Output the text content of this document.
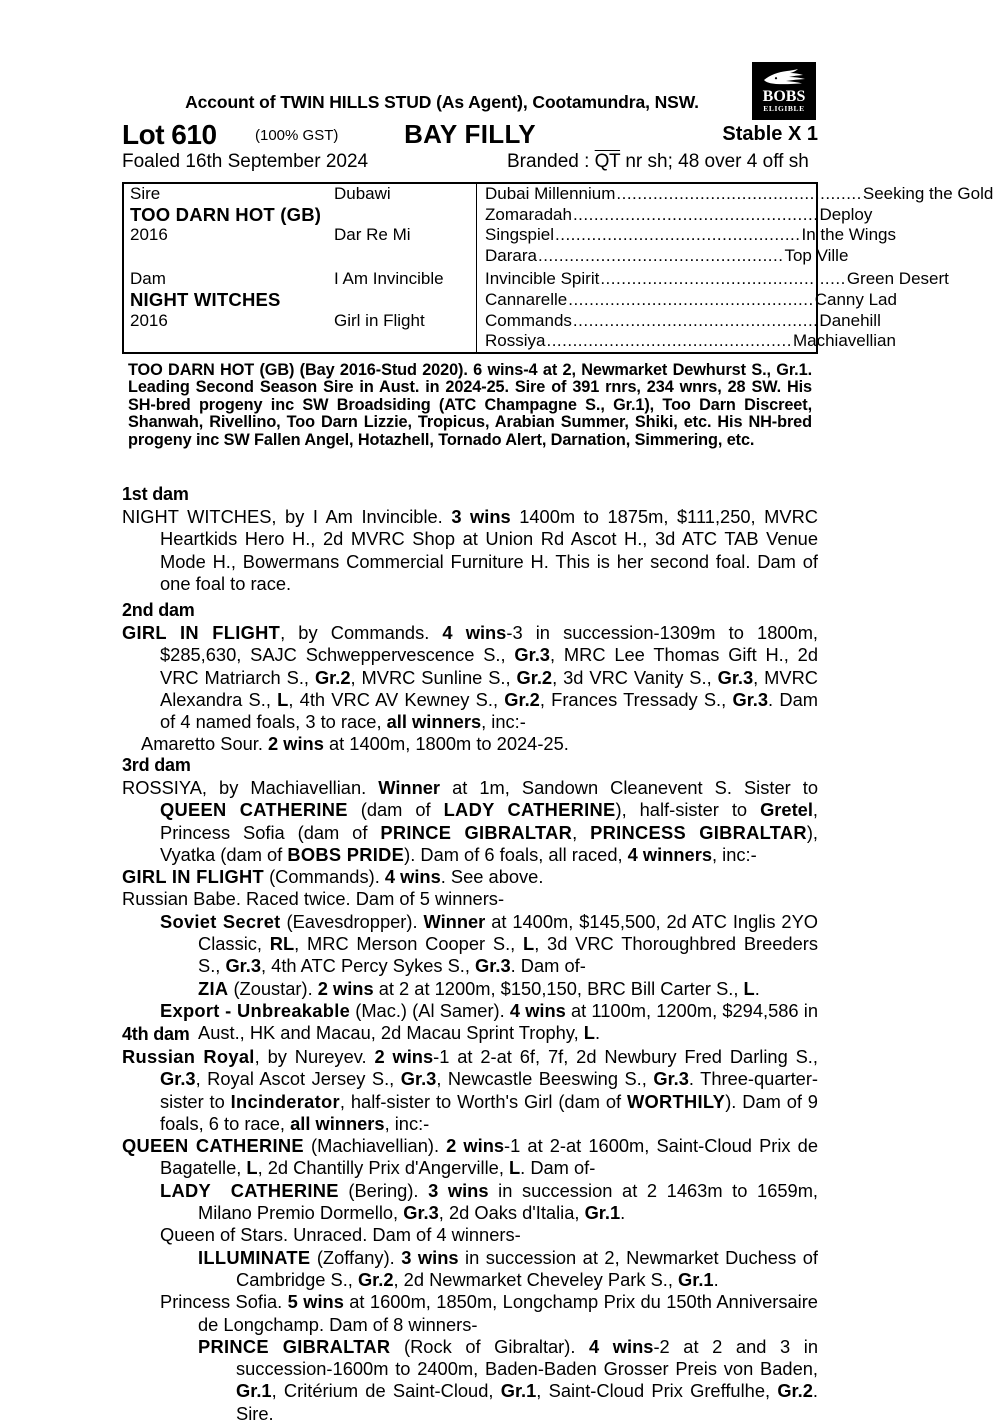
BOBS
ELIGIBLE
Account of TWIN HILLS STUD (As Agent), Cootamundra, NSW.
Lot 610	(100% GST)	BAY FILLY	Stable X 1
Foaled 16th September 2024	Branded : $\overline{QT}$ nr sh; 48 over 4 off sh
Sire	Dubawi	Dubai Millennium ............................................... Seeking the Gold

TOO DARN HOT (GB)		Zomaradah ............................................... Deploy

2016	Dar Re Mi	Singspiel ............................................... In the Wings

		Darara ............................................... Top Ville

Dam	I Am Invincible	Invincible Spirit ............................................... Green Desert

NIGHT WITCHES		Cannarelle ............................................... Canny Lad

2016	Girl in Flight	Commands ............................................... Danehill

		Rossiya ............................................... Machiavellian
TOO DARN HOT (GB) (Bay 2016-Stud 2020). 6 wins-4 at 2, Newmarket Dewhurst S., Gr.1. Leading Second Season Sire in Aust. in 2024-25. Sire of 391 rnrs, 234 wnrs, 28 SW. His SH-bred progeny inc SW Broadsiding (ATC Champagne S., Gr.1), Too Darn Discreet, Shanwah, Rivellino, Too Darn Lizzie, Tropicus, Arabian Summer, Shiki, etc. His NH-bred progeny inc SW Fallen Angel, Hotazhell, Tornado Alert, Darnation, Simmering, etc.
1st dam

NIGHT WITCHES, by I Am Invincible. 3 wins 1400m to 1875m, $111,250, MVRC Heartkids Hero H., 2d MVRC Shop at Union Rd Ascot H., 3d ATC TAB Venue Mode H., Bowermans Commercial Furniture H. This is her second foal. Dam of one foal to race.

2nd dam

GIRL IN FLIGHT, by Commands. 4 wins-3 in succession-1309m to 1800m, $285,630, SAJC Schweppervescence S., Gr.3, MRC Lee Thomas Gift H., 2d VRC Matriarch S., Gr.2, MVRC Sunline S., Gr.2, 3d VRC Vanity S., Gr.3, MVRC Alexandra S., L, 4th VRC AV Kewney S., Gr.2, Frances Tressady S., Gr.3. Dam of 4 named foals, 3 to race, all winners, inc:-

Amaretto Sour. 2 wins at 1400m, 1800m to 2024-25.

3rd dam

ROSSIYA, by Machiavellian. Winner at 1m, Sandown Cleanevent S. Sister to QUEEN CATHERINE (dam of LADY CATHERINE), half-sister to Gretel, Princess Sofia (dam of PRINCE GIBRALTAR, PRINCESS GIBRALTAR), Vyatka (dam of BOBS PRIDE). Dam of 6 foals, all raced, 4 winners, inc:-

GIRL IN FLIGHT (Commands). 4 wins. See above.

Russian Babe. Raced twice. Dam of 5 winners-

Soviet Secret (Eavesdropper). Winner at 1400m, $145,500, 2d ATC Inglis 2YO Classic, RL, MRC Merson Cooper S., L, 3d VRC Thoroughbred Breeders S., Gr.3, 4th ATC Percy Sykes S., Gr.3. Dam of-

ZIA (Zoustar). 2 wins at 2 at 1200m, $150,150, BRC Bill Carter S., L.

Export - Unbreakable (Mac.) (Al Samer). 4 wins at 1100m, 1200m, $294,586 in Aust., HK and Macau, 2d Macau Sprint Trophy, L.

4th dam

Russian Royal, by Nureyev. 2 wins-1 at 2-at 6f, 7f, 2d Newbury Fred Darling S., Gr.3, Royal Ascot Jersey S., Gr.3, Newcastle Beeswing S., Gr.3. Three-quarter-sister to Incinderator, half-sister to Worth's Girl (dam of WORTHILY). Dam of 9 foals, 6 to race, all winners, inc:-

QUEEN CATHERINE (Machiavellian). 2 wins-1 at 2-at 1600m, Saint-Cloud Prix de Bagatelle, L, 2d Chantilly Prix d'Angerville, L. Dam of-

LADY  CATHERINE (Bering). 3 wins in succession at 2 1463m to 1659m, Milano Premio Dormello, Gr.3, 2d Oaks d'Italia, Gr.1.

Queen of Stars. Unraced. Dam of 4 winners-

ILLUMINATE (Zoffany). 3 wins in succession at 2, Newmarket Duchess of Cambridge S., Gr.2, 2d Newmarket Cheveley Park S., Gr.1.

Princess Sofia. 5 wins at 1600m, 1850m, Longchamp Prix du 150th Anniversaire de Longchamp. Dam of 8 winners-

PRINCE GIBRALTAR (Rock of Gibraltar). 4 wins-2 at 2 and 3 in succession-1600m to 2400m, Baden-Baden Grosser Preis von Baden, Gr.1, Critérium de Saint-Cloud, Gr.1, Saint-Cloud Prix Greffulhe, Gr.2. Sire.
